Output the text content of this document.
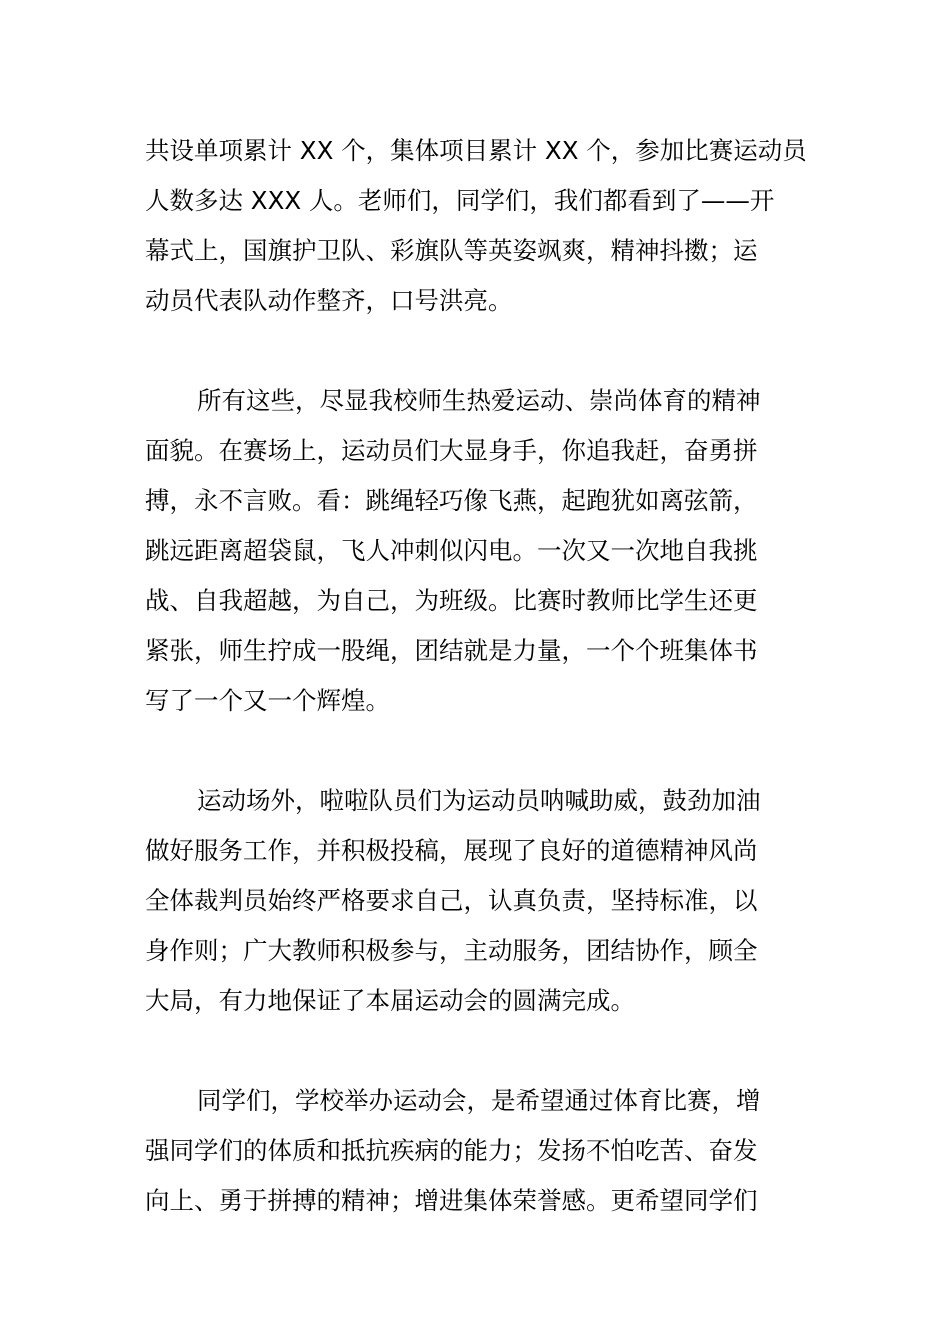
共设单项累计 XX 个，集体项目累计 XX 个，参加比赛运动员
人数多达 XXX 人。老师们，同学们，我们都看到了——开
幕式上，国旗护卫队、彩旗队等英姿飒爽，精神抖擞；运
动员代表队动作整齐，口号洪亮。
所有这些，尽显我校师生热爱运动、崇尚体育的精神
面貌。在赛场上，运动员们大显身手，你追我赶，奋勇拼
搏，永不言败。看：跳绳轻巧像飞燕，起跑犹如离弦箭，
跳远距离超袋鼠，飞人冲刺似闪电。一次又一次地自我挑
战、自我超越，为自己，为班级。比赛时教师比学生还更
紧张，师生拧成一股绳，团结就是力量，一个个班集体书
写了一个又一个辉煌。
运动场外，啦啦队员们为运动员呐喊助威，鼓劲加油
做好服务工作，并积极投稿，展现了良好的道德精神风尚
全体裁判员始终严格要求自己，认真负责，坚持标准，以
身作则；广大教师积极参与，主动服务，团结协作，顾全
大局，有力地保证了本届运动会的圆满完成。
同学们，学校举办运动会，是希望通过体育比赛，增
强同学们的体质和抵抗疾病的能力；发扬不怕吃苦、奋发
向上、勇于拼搏的精神；增进集体荣誉感。更希望同学们
